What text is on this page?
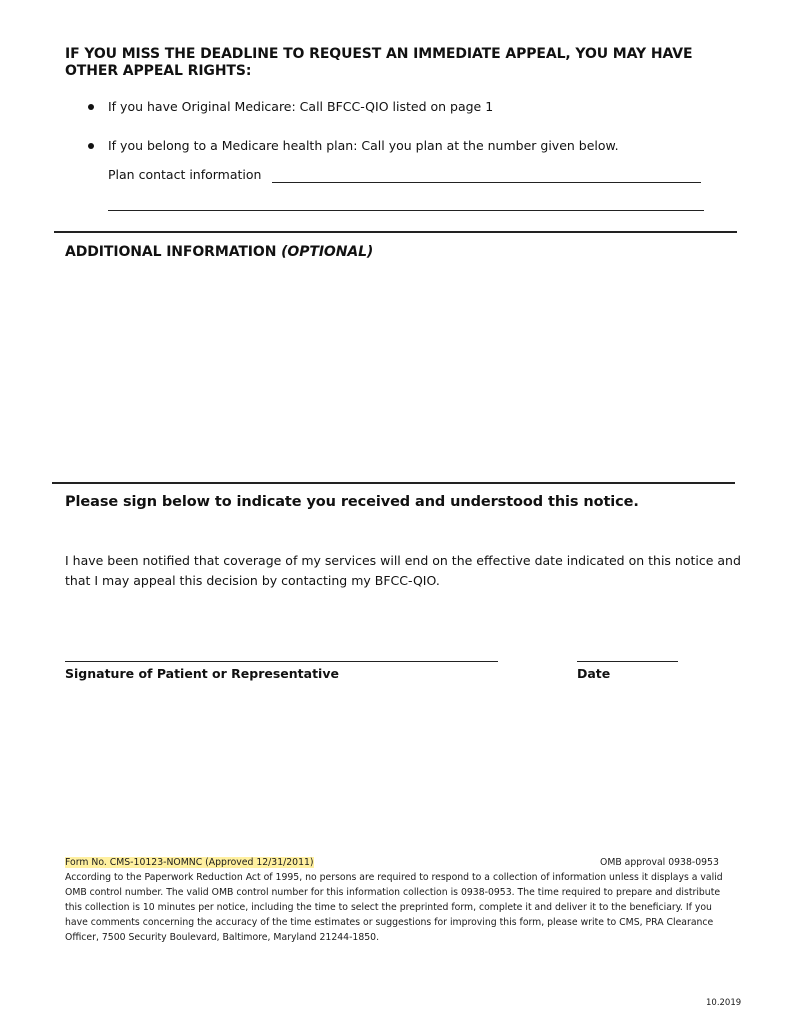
IF YOU MISS THE DEADLINE TO REQUEST AN IMMEDIATE APPEAL, YOU MAY HAVE
OTHER APPEAL RIGHTS:
If you have Original Medicare: Call BFCC-QIO listed on page 1
If you belong to a Medicare health plan: Call you plan at the number given below.
Plan contact information
ADDITIONAL INFORMATION (OPTIONAL)
Please sign below to indicate you received and understood this notice.
I have been notified that coverage of my services will end on the effective date indicated on this notice and
that I may appeal this decision by contacting my BFCC-QIO.
Signature of Patient or Representative	Date
Form No. CMS-10123-NOMNC (Approved 12/31/2011)	OMB approval 0938-0953
According to the Paperwork Reduction Act of 1995, no persons are required to respond to a collection of information unless it displays a valid
OMB control number. The valid OMB control number for this information collection is 0938-0953. The time required to prepare and distribute
this collection is 10 minutes per notice, including the time to select the preprinted form, complete it and deliver it to the beneficiary. If you
have comments concerning the accuracy of the time estimates or suggestions for improving this form, please write to CMS, PRA Clearance
Officer, 7500 Security Boulevard, Baltimore, Maryland 21244-1850.
10.2019
